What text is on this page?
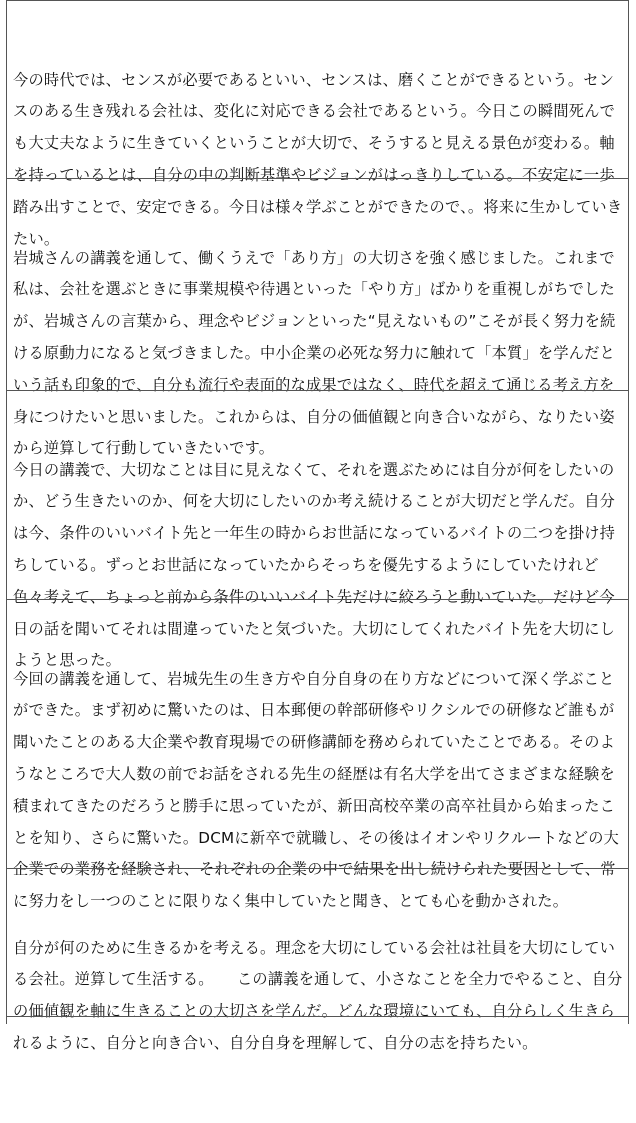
今の時代では、センスが必要であるといい、センスは、磨くことができるという。センスのある生き残れる会社は、変化に対応できる会社であるという。今日この瞬間死んでも大丈夫なように生きていくということが大切で、そうすると見える景色が変わる。軸を持っているとは、自分の中の判断基準やビジョンがはっきりしている。不安定に一歩踏み出すことで、安定できる。今日は様々学ぶことができたので、。将来に生かしていきたい。

岩城さんの講義を通して、働くうえで「あり方」の大切さを強く感じました。これまで私は、会社を選ぶときに事業規模や待遇といった「やり方」ばかりを重視しがちでしたが、岩城さんの言葉から、理念やビジョンといった“見えないもの”こそが長く努力を続ける原動力になると気づきました。中小企業の必死な努力に触れて「本質」を学んだという話も印象的で、自分も流行や表面的な成果ではなく、時代を超えて通じる考え方を身につけたいと思いました。これからは、自分の価値観と向き合いながら、なりたい姿から逆算して行動していきたいです。

今日の講義で、大切なことは目に見えなくて、それを選ぶためには自分が何をしたいのか、どう生きたいのか、何を大切にしたいのか考え続けることが大切だと学んだ。自分は今、条件のいいバイト先と一年生の時からお世話になっているバイトの二つを掛け持ちしている。ずっとお世話になっていたからそっちを優先するようにしていたけれど色々考えて、ちょっと前から条件のいいバイト先だけに絞ろうと動いていた。だけど今日の話を聞いてそれは間違っていたと気づいた。大切にしてくれたバイト先を大切にしようと思った。

今回の講義を通して、岩城先生の生き方や自分自身の在り方などについて深く学ぶことができた。まず初めに驚いたのは、日本郵便の幹部研修やリクシルでの研修など誰もが聞いたことのある大企業や教育現場での研修講師を務められていたことである。そのようなところで大人数の前でお話をされる先生の経歴は有名大学を出てさまざまな経験を積まれてきたのだろうと勝手に思っていたが、新田高校卒業の高卒社員から始まったことを知り、さらに驚いた。DCMに新卒で就職し、その後はイオンやリクルートなどの大企業での業務を経験され、それぞれの企業の中で結果を出し続けられた要因として、常に努力をし一つのことに限りなく集中していたと聞き、とても心を動かされた。

自分が何のために生きるかを考える。理念を大切にしている会社は社員を大切にしている会社。逆算して生活する。　　この講義を通して、小さなことを全力でやること、自分の価値観を軸に生きることの大切さを学んだ。どんな環境にいても、自分らしく生きられるように、自分と向き合い、自分自身を理解して、自分の志を持ちたい。
